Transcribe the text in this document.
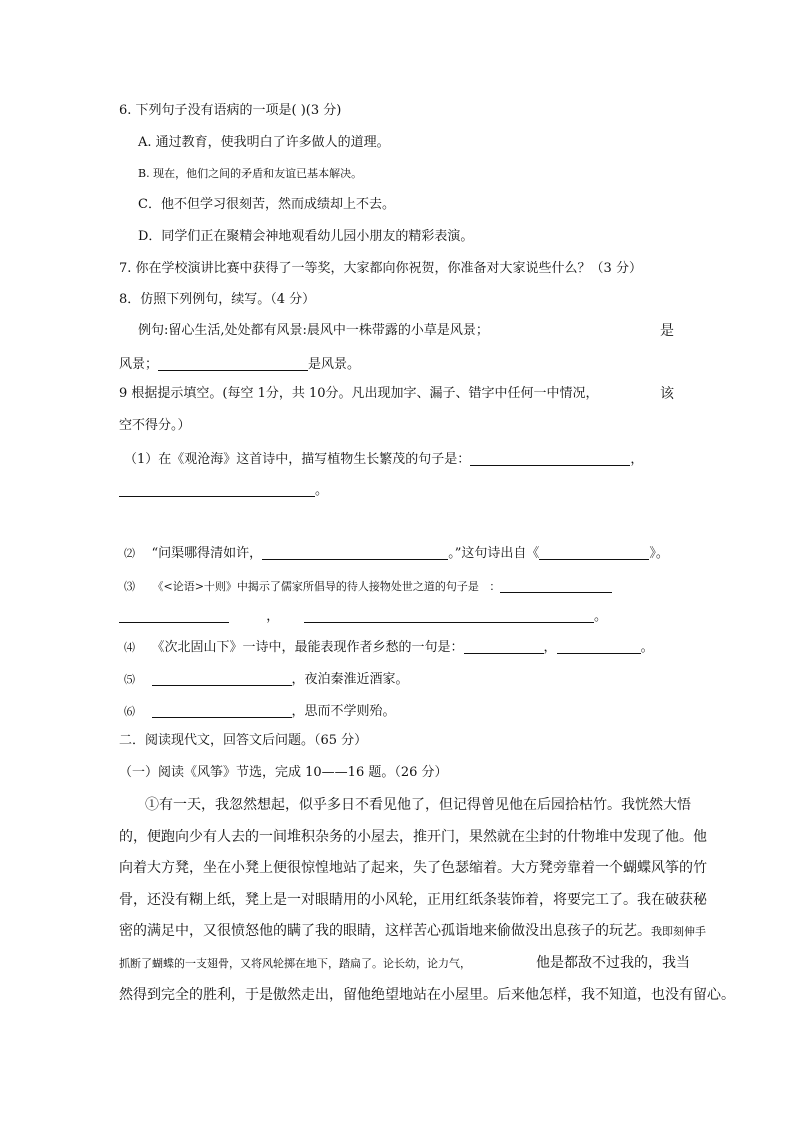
6. 下列句子没有语病的一项是( )(3 分)
A. 通过教育，使我明白了许多做人的道理。
B. 现在，他们之间的矛盾和友谊已基本解决。
C．他不但学习很刻苦，然而成绩却上不去。
D．同学们正在聚精会神地观看幼儿园小朋友的精彩表演。
7. 你在学校演讲比赛中获得了一等奖，大家都向你祝贺，你准备对大家说些什么？（3 分）
8．仿照下列例句，续写。（4 分）
例句:留心生活,处处都有风景:晨风中一株带露的小草是风景；	是
风景；	是风景。
9 根据提示填空。(每空 1分，共 10分。凡出现加字、漏子、错字中任何一中情况，	该
空不得分。）
（1）在《观沧海》这首诗中，描写植物生长繁茂的句子是：	，
。
⑵ “问渠哪得清如许，	。”这句诗出自《	》。
⑶ 《<论语>十则》中揭示了儒家所倡导的待人接物处世之道的句子是 ：
，	。
⑷ 《次北固山下》一诗中，最能表现作者乡愁的一句是：	，	。
⑸	，夜泊秦淮近酒家。
⑹	，思而不学则殆。
二．阅读现代文，回答文后问题。（65 分）
（一）阅读《风筝》节选，完成 10——16 题。（26 分）
①有一天，我忽然想起，似乎多日不看见他了，但记得曾见他在后园拾枯竹。我恍然大悟
的，便跑向少有人去的一间堆积杂务的小屋去，推开门，果然就在尘封的什物堆中发现了他。他
向着大方凳，坐在小凳上便很惊惶地站了起来，失了色瑟缩着。大方凳旁靠着一个蝴蝶风筝的竹
骨，还没有糊上纸，凳上是一对眼睛用的小风轮，正用红纸条装饰着，将要完工了。我在破获秘
密的满足中，又很愤怒他的瞒了我的眼睛，这样苦心孤诣地来偷做没出息孩子的玩艺。我即刻伸手
抓断了蝴蝶的一支翅骨，又将风轮掷在地下，踏扁了。论长幼，论力气，	他是都敌不过我的，我当
然得到完全的胜利，于是傲然走出，留他绝望地站在小屋里。后来他怎样，我不知道，也没有留心。
